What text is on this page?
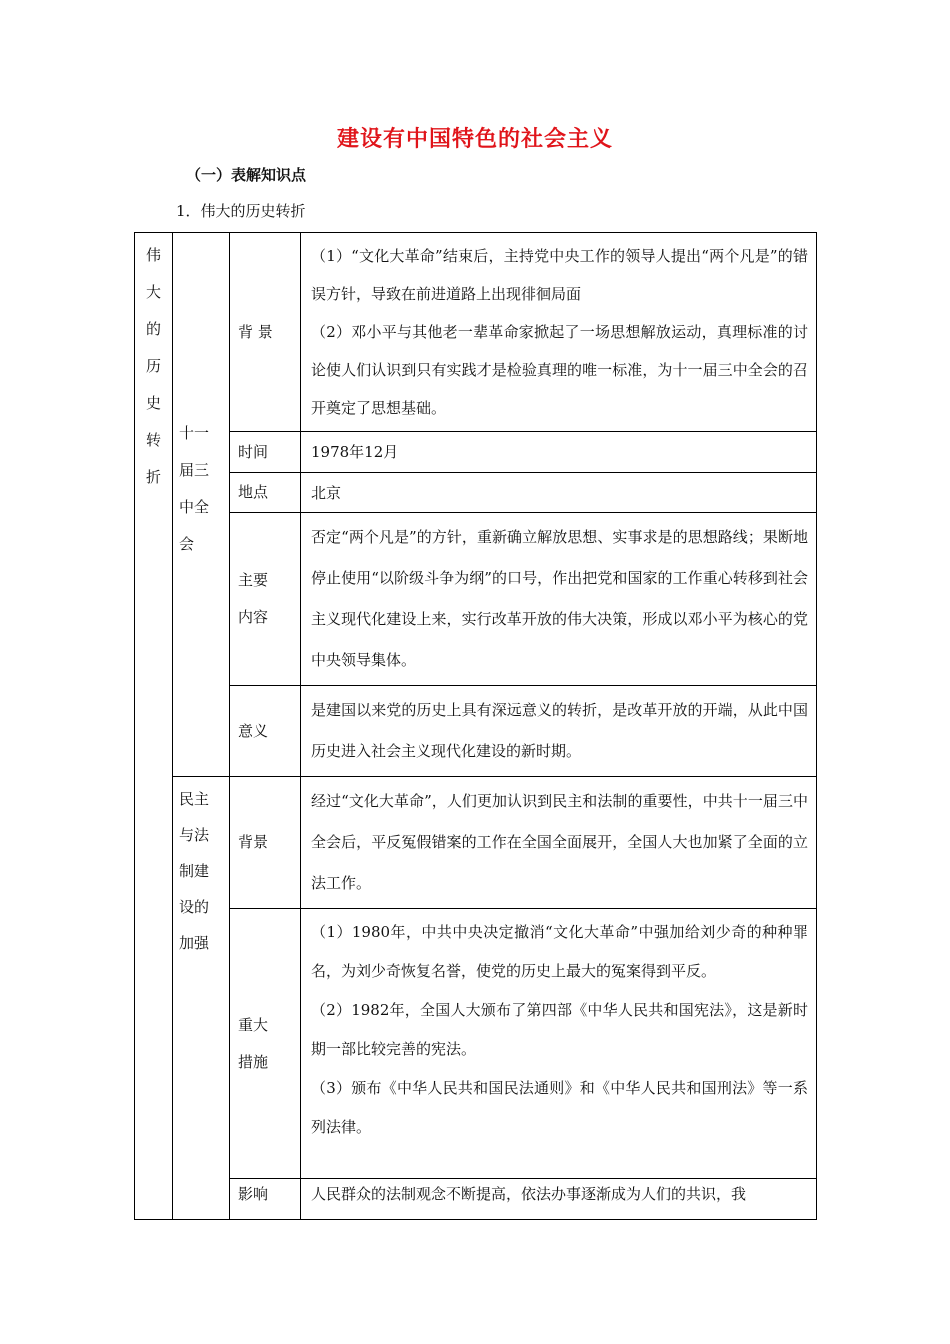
建设有中国特色的社会主义
（一）表解知识点
1．伟大的历史转折
伟大的历史转折	十一届三中全会	背 景	（1）“文化大革命”结束后，主持党中央工作的领导人提出“两个凡是”的错误方针，导致在前进道路上出现徘徊局面

（2）邓小平与其他老一辈革命家掀起了一场思想解放运动，真理标准的讨论使人们认识到只有实践才是检验真理的唯一标准，为十一届三中全会的召开奠定了思想基础。

		时间	1978年12月
		地点	北京

		主要内容	否定“两个凡是”的方针，重新确立解放思想、实事求是的思想路线；果断地停止使用“以阶级斗争为纲”的口号，作出把党和国家的工作重心转移到社会主义现代化建设上来，实行改革开放的伟大决策，形成以邓小平为核心的党中央领导集体。
		意义	是建国以来党的历史上具有深远意义的转折，是改革开放的开端，从此中国历史进入社会主义现代化建设的新时期。

	民主与法制建设的加强	背景	经过“文化大革命”，人们更加认识到民主和法制的重要性，中共十一届三中全会后，平反冤假错案的工作在全国全面展开，全国人大也加紧了全面的立法工作。

		重大措施	（1）1980年，中共中央决定撤消“文化大革命”中强加给刘少奇的种种罪名，为刘少奇恢复名誉，使党的历史上最大的冤案得到平反。

（2）1982年，全国人大颁布了第四部《中华人民共和国宪法》，这是新时期一部比较完善的宪法。

（3）颁布《中华人民共和国民法通则》和《中华人民共和国刑法》等一系列法律。

		影响	人民群众的法制观念不断提高，依法办事逐渐成为人们的共识，我
